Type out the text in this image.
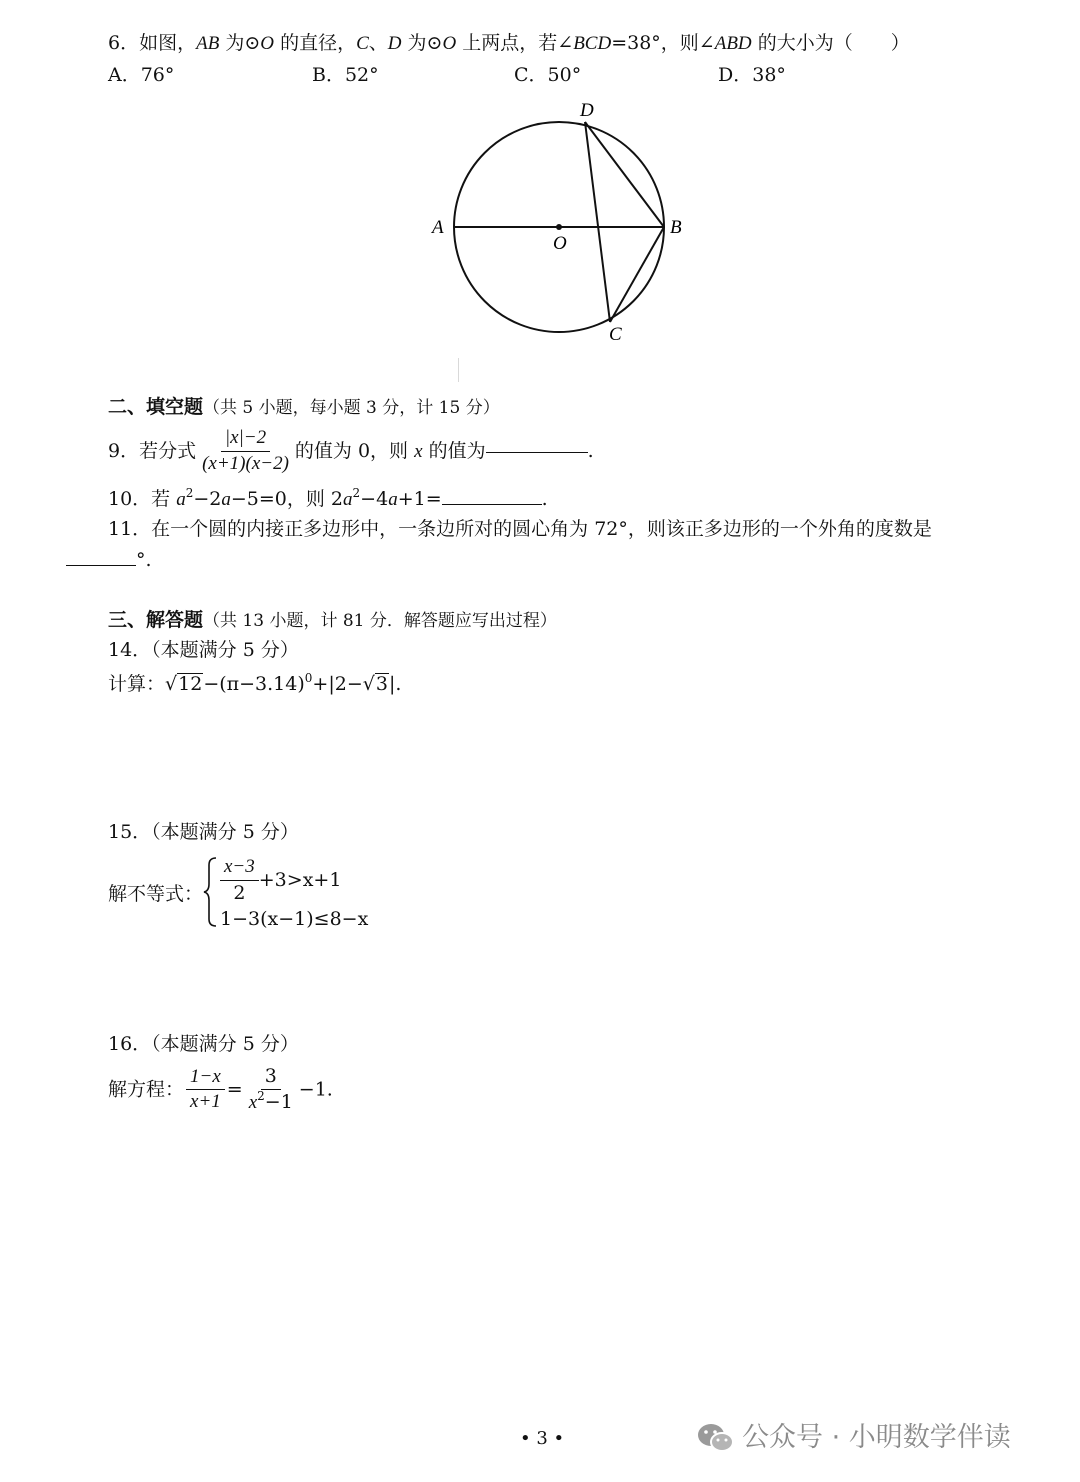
6．如图，AB 为⊙O 的直径，C、D 为⊙O 上两点，若∠BCD=38°，则∠ABD 的大小为（　　）
A．76°	B．52°	C．50°	D．38°
A	B
O
D
C
二、填空题（共 5 小题，每小题 3 分，计 15 分）
9．若分式 $\frac{|x|-2}{(x+1)(x-2)}$ 的值为 0，则 x 的值为	.
10．若 $a^2-2a-5=0$，则 $2a^2-4a+1=$	.
11．在一个圆的内接正多边形中，一条边所对的圆心角为 72°，则该正多边形的一个外角的度数是
°.
三、解答题（共 13 小题，计 81 分．解答题应写出过程）
14．（本题满分 5 分）
计算：$√12-(\pi-3.14)^0+|2-√3|$.
15．（本题满分 5 分）
解不等式： $\frac{x-3}{2} +3>x+1$
1−3(x−1)≤8−x
16．（本题满分 5 分）
解方程： $\frac{1-x}{x+1} = \frac{3}{x^2-1} -1$.
• 3 •	公众号 · 小明数学伴读
